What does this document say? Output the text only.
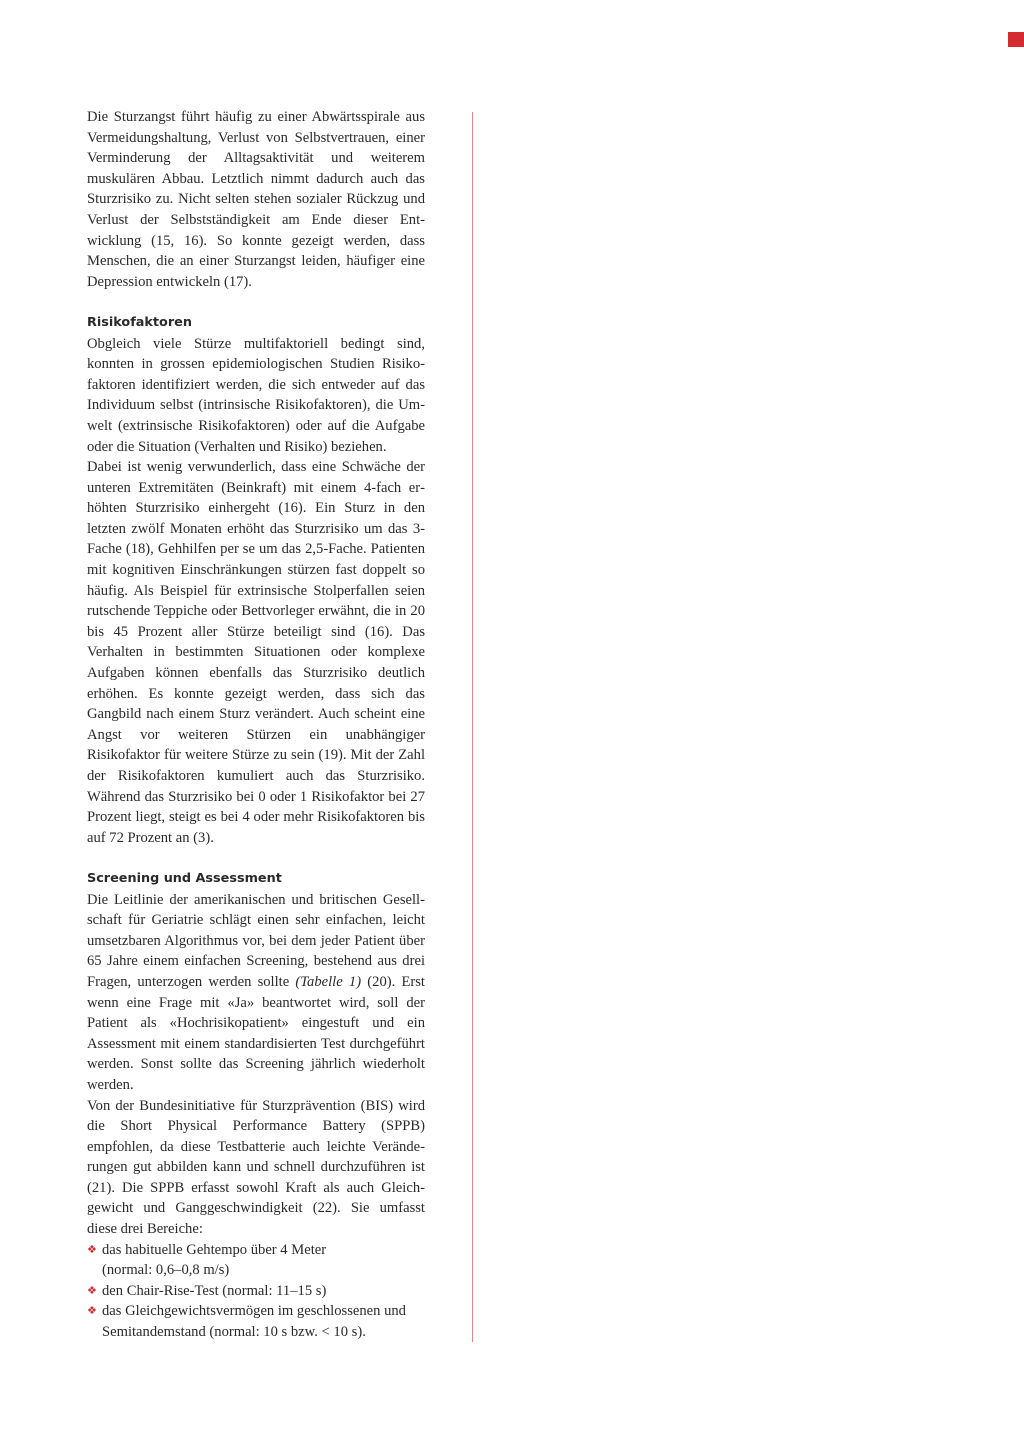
Die Sturzangst führt häufig zu einer Abwärtsspirale aus Vermeidungshaltung, Verlust von Selbstvertrauen, einer Verminderung der Alltagsaktivität und weiterem muskulären Abbau. Letztlich nimmt dadurch auch das Sturzrisiko zu. Nicht selten stehen sozialer Rückzug und Verlust der Selbstständigkeit am Ende dieser Entwicklung (15, 16). So konnte gezeigt werden, dass Menschen, die an einer Sturzangst leiden, häufiger eine Depression entwickeln (17).

Risikofaktoren

Obgleich viele Stürze multifaktoriell bedingt sind, konnten in grossen epidemiologischen Studien Risikofaktoren identifiziert werden, die sich entweder auf das Individuum selbst (intrinsische Risikofaktoren), die Umwelt (extrinsische Risikofaktoren) oder auf die Aufgabe oder die Situation (Verhalten und Risiko) beziehen.

Dabei ist wenig verwunderlich, dass eine Schwäche der unteren Extremitäten (Beinkraft) mit einem 4-fach erhöhten Sturzrisiko einhergeht (16). Ein Sturz in den letzten zwölf Monaten erhöht das Sturzrisiko um das 3-Fache (18), Gehhilfen per se um das 2,5-Fache. Patienten mit kognitiven Einschränkungen stürzen fast doppelt so häufig. Als Beispiel für extrinsische Stolperfallen seien rutschende Teppiche oder Bettvorleger erwähnt, die in 20 bis 45 Prozent aller Stürze beteiligt sind (16). Das Verhalten in bestimmten Situationen oder komplexe Aufgaben können ebenfalls das Sturzrisiko deutlich erhöhen. Es konnte gezeigt werden, dass sich das Gangbild nach einem Sturz verändert. Auch scheint eine Angst vor weiteren Stürzen ein unabhängiger Risikofaktor für weitere Stürze zu sein (19). Mit der Zahl der Risikofaktoren kumuliert auch das Sturzrisiko. Während das Sturzrisiko bei 0 oder 1 Risikofaktor bei 27 Prozent liegt, steigt es bei 4 oder mehr Risikofaktoren bis auf 72 Prozent an (3).

Screening und Assessment

Die Leitlinie der amerikanischen und britischen Gesellschaft für Geriatrie schlägt einen sehr einfachen, leicht umsetzbaren Algorithmus vor, bei dem jeder Patient über 65 Jahre einem einfachen Screening, bestehend aus drei Fragen, unterzogen werden sollte (Tabelle 1) (20). Erst wenn eine Frage mit «Ja» beantwortet wird, soll der Patient als «Hochrisikopatient» eingestuft und ein Assessment mit einem standardisierten Test durchgeführt werden. Sonst sollte das Screening jährlich wiederholt werden.

Von der Bundesinitiative für Sturzprävention (BIS) wird die Short Physical Performance Battery (SPPB) empfohlen, da diese Testbatterie auch leichte Veränderungen gut abbilden kann und schnell durchzuführen ist (21). Die SPPB erfasst sowohl Kraft als auch Gleichgewicht und Ganggeschwindigkeit (22). Sie umfasst diese drei Bereiche:

❖ das habituelle Gehtempo über 4 Meter
(normal: 0,6–0,8 m/s)
❖ den Chair-Rise-Test (normal: 11–15 s)
❖ das Gleichgewichtsvermögen im geschlossenen und
Semitandemstand (normal: 10 s bzw. < 10 s).
